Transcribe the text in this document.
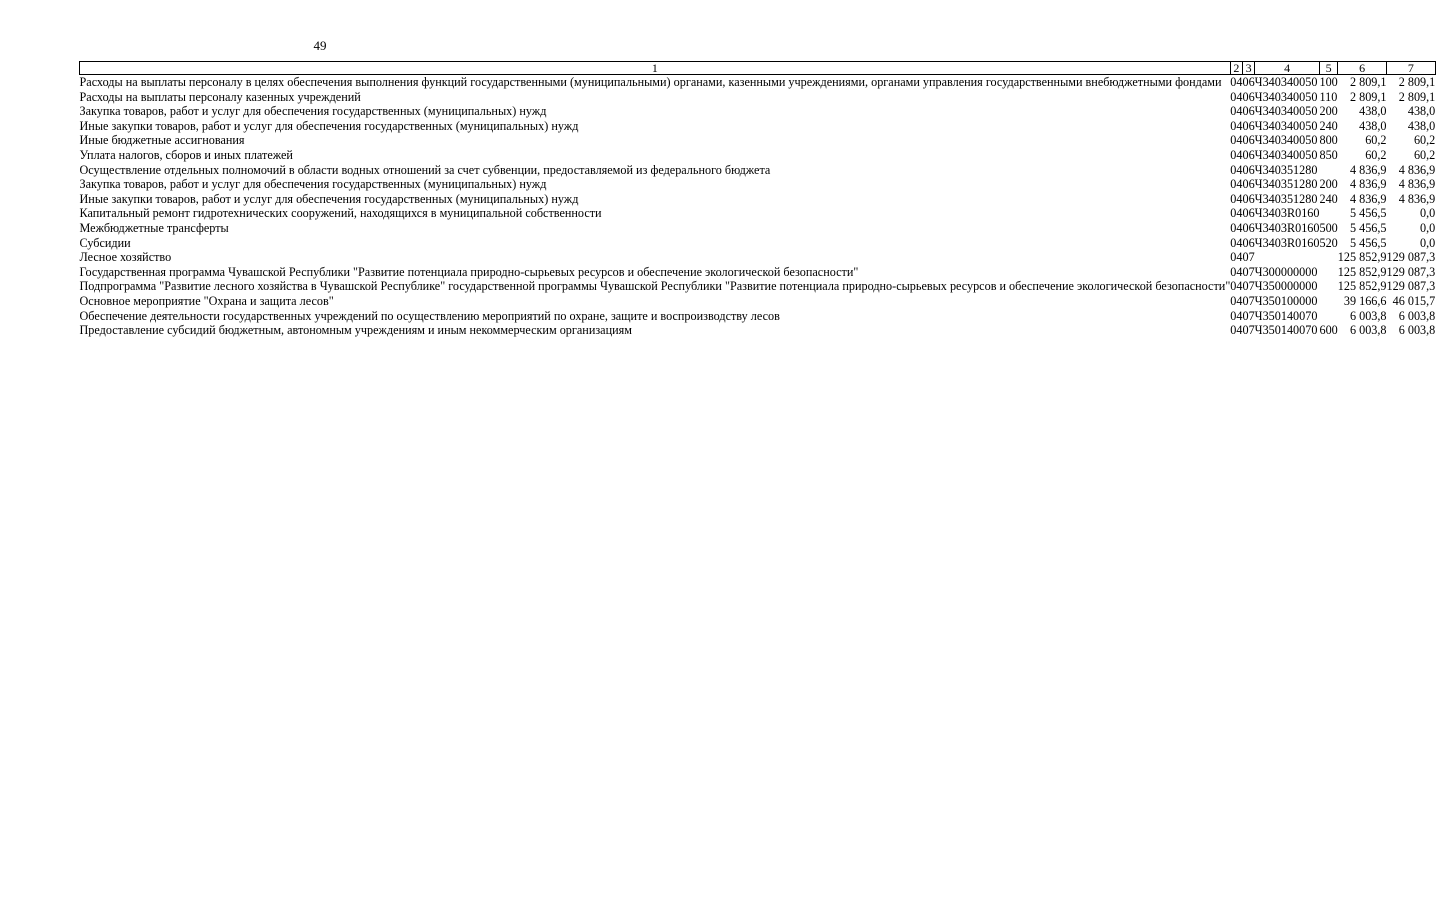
49
1	2	3	4	5	6	7
Расходы на выплаты персоналу в целях обеспечения выполнения функций государственными (муниципальными) органами, казенными учреждениями, органами управления государственными внебюджетными фондами	04	06	Ч340340050	100	2 809,1	2 809,1
Расходы на выплаты персоналу казенных учреждений	04	06	Ч340340050	110	2 809,1	2 809,1
Закупка товаров, работ и услуг для обеспечения государственных (муниципальных) нужд	04	06	Ч340340050	200	438,0	438,0
Иные закупки товаров, работ и услуг для обеспечения государственных (муниципальных) нужд	04	06	Ч340340050	240	438,0	438,0
Иные бюджетные ассигнования	04	06	Ч340340050	800	60,2	60,2
Уплата налогов, сборов и иных платежей	04	06	Ч340340050	850	60,2	60,2
Осуществление отдельных полномочий в области водных отношений за счет субвенции, предоставляемой из федерального бюджета	04	06	Ч340351280		4 836,9	4 836,9
Закупка товаров, работ и услуг для обеспечения государственных (муниципальных) нужд	04	06	Ч340351280	200	4 836,9	4 836,9
Иные закупки товаров, работ и услуг для обеспечения государственных (муниципальных) нужд	04	06	Ч340351280	240	4 836,9	4 836,9
Капитальный ремонт гидротехнических сооружений, находящихся в муниципальной собственности	04	06	Ч3403R0160		5 456,5	0,0
Межбюджетные трансферты	04	06	Ч3403R0160	500	5 456,5	0,0
Субсидии	04	06	Ч3403R0160	520	5 456,5	0,0
Лесное хозяйство	04	07			125 852,9	129 087,3
Государственная программа Чувашской Республики "Развитие потенциала природно-сырьевых ресурсов и обеспечение экологической безопасности"	04	07	Ч300000000		125 852,9	129 087,3
Подпрограмма "Развитие лесного хозяйства в Чувашской Республике" государственной программы Чувашской Республики "Развитие потенциала природно-сырьевых ресурсов и обеспечение экологической безопасности"	04	07	Ч350000000		125 852,9	129 087,3
Основное мероприятие "Охрана и защита лесов"	04	07	Ч350100000		39 166,6	46 015,7
Обеспечение деятельности государственных учреждений по осуществлению мероприятий по охране, защите и воспроизводству лесов	04	07	Ч350140070		6 003,8	6 003,8
Предоставление субсидий бюджетным, автономным учреждениям и иным некоммерческим организациям	04	07	Ч350140070	600	6 003,8	6 003,8
